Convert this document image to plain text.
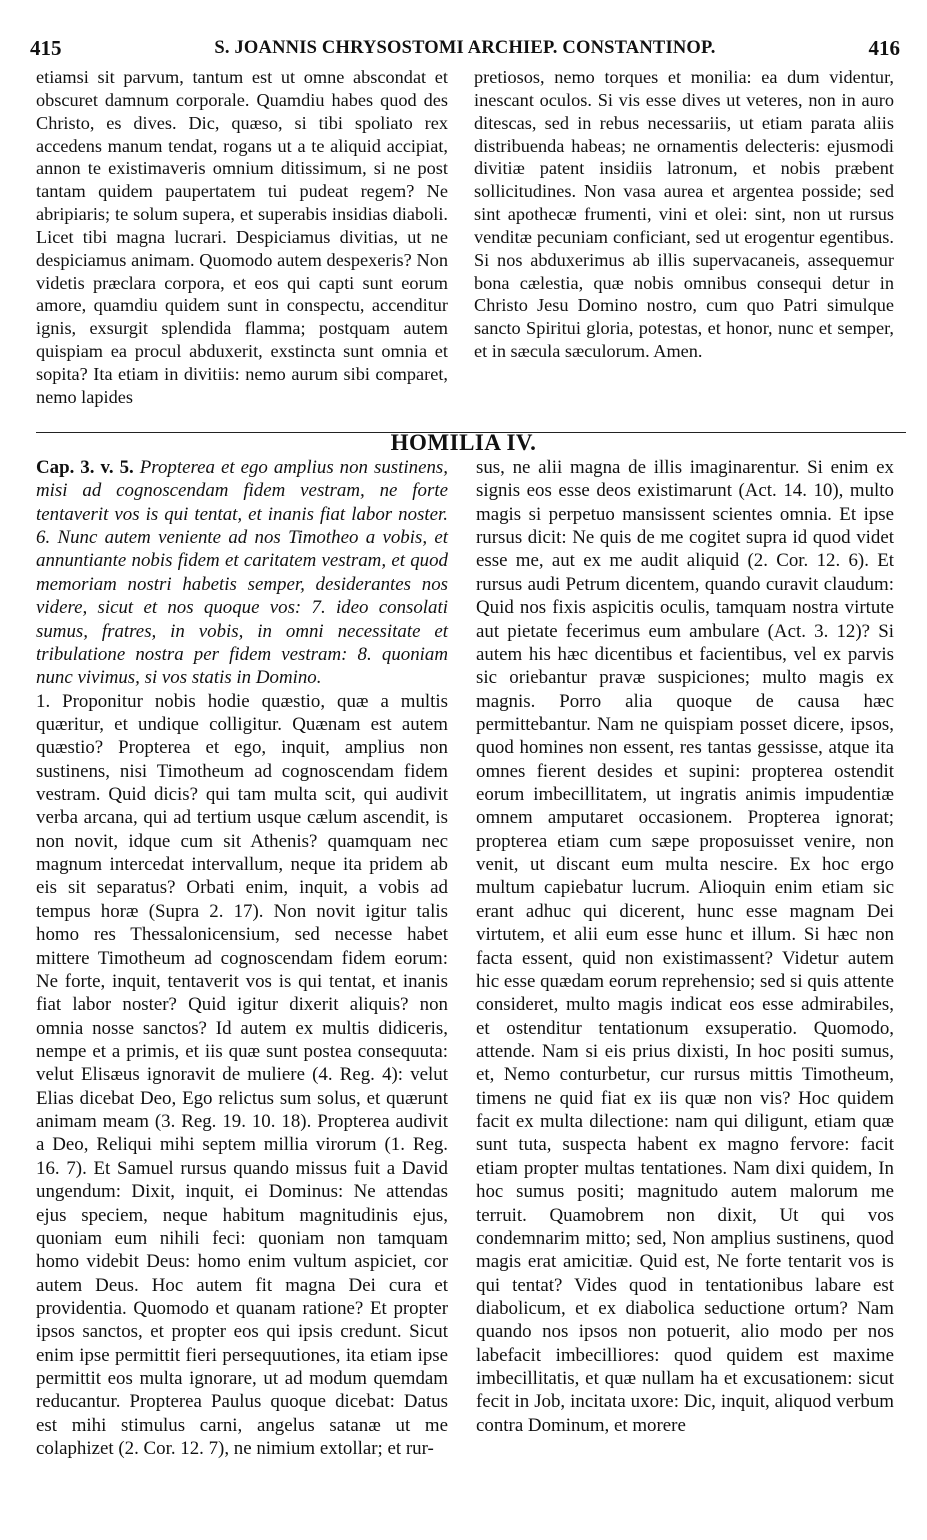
415	S. JOANNIS CHRYSOSTOMI ARCHIEP. CONSTANTINOP.	416

etiamsi sit parvum, tantum est ut omne abscondat et obscuret damnum corporale. Quamdiu habes quod des Christo, es dives. Dic, quæso, si tibi spoliato rex accedens manum tendat, rogans ut a te aliquid accipiat, annon te existimaveris omnium ditissimum, si ne post tantam quidem paupertatem tui pudeat regem? Ne abripiaris; te solum supera, et superabis insidias diaboli. Licet tibi magna lucrari. Despiciamus divitias, ut ne despiciamus animam. Quomodo autem despexeris? Non videtis præclara corpora, et eos qui capti sunt eorum amore, quamdiu quidem sunt in conspectu, accenditur ignis, exsurgit splendida flamma; postquam autem quispiam ea procul abduxerit, exstincta sunt omnia et sopita? Ita etiam in divitiis: nemo aurum sibi comparet, nemo lapides

pretiosos, nemo torques et monilia: ea dum videntur, inescant oculos. Si vis esse dives ut veteres, non in auro ditescas, sed in rebus necessariis, ut etiam parata aliis distribuenda habeas; ne ornamentis delecteris: ejusmodi divitiæ patent insidiis latronum, et nobis præbent sollicitudines. Non vasa aurea et argentea posside; sed sint apothecæ frumenti, vini et olei: sint, non ut rursus venditæ pecuniam conficiant, sed ut erogentur egentibus. Si nos abduxerimus ab illis supervacaneis, assequemur bona cælestia, quæ nobis omnibus consequi detur in Christo Jesu Domino nostro, cum quo Patri simulque sancto Spiritui gloria, potestas, et honor, nunc et semper, et in sæcula sæculorum. Amen.

HOMILIA IV.

Cap. 3. v. 5. Propterea et ego amplius non sustinens, misi ad cognoscendam fidem vestram, ne forte tentaverit vos is qui tentat, et inanis fiat labor noster. 6. Nunc autem veniente ad nos Timotheo a vobis, et annuntiante nobis fidem et caritatem vestram, et quod memoriam nostri habetis semper, desiderantes nos videre, sicut et nos quoque vos: 7. ideo consolati sumus, fratres, in vobis, in omni necessitate et tribulatione nostra per fidem vestram: 8. quoniam nunc vivimus, si vos statis in Domino.

1. Proponitur nobis hodie quæstio, quæ a multis quæritur, et undique colligitur. Quænam est autem quæstio? Propterea et ego, inquit, amplius non sustinens, nisi Timotheum ad cognoscendam fidem vestram. Quid dicis? qui tam multa scit, qui audivit verba arcana, qui ad tertium usque cælum ascendit, is non novit, idque cum sit Athenis? quamquam nec magnum intercedat intervallum, neque ita pridem ab eis sit separatus? Orbati enim, inquit, a vobis ad tempus horæ (Supra 2. 17). Non novit igitur talis homo res Thessalonicensium, sed necesse habet mittere Timotheum ad cognoscendam fidem eorum: Ne forte, inquit, tentaverit vos is qui tentat, et inanis fiat labor noster? Quid igitur dixerit aliquis? non omnia nosse sanctos? Id autem ex multis didiceris, nempe et a primis, et iis quæ sunt postea consequuta: velut Elisæus ignoravit de muliere (4. Reg. 4): velut Elias dicebat Deo, Ego relictus sum solus, et quærunt animam meam (3. Reg. 19. 10. 18). Propterea audivit a Deo, Reliqui mihi septem millia virorum (1. Reg. 16. 7). Et Samuel rursus quando missus fuit a David ungendum: Dixit, inquit, ei Dominus: Ne attendas ejus speciem, neque habitum magnitudinis ejus, quoniam eum nihili feci: quoniam non tamquam homo videbit Deus: homo enim vultum aspiciet, cor autem Deus. Hoc autem fit magna Dei cura et providentia. Quomodo et quanam ratione? Et propter ipsos sanctos, et propter eos qui ipsis credunt. Sicut enim ipse permittit fieri persequutiones, ita etiam ipse permittit eos multa ignorare, ut ad modum quemdam reducantur. Propterea Paulus quoque dicebat: Datus est mihi stimulus carni, angelus satanæ ut me colaphizet (2. Cor. 12. 7), ne nimium extollar; et rur-

sus, ne alii magna de illis imaginarentur. Si enim ex signis eos esse deos existimarunt (Act. 14. 10), multo magis si perpetuo mansissent scientes omnia. Et ipse rursus dicit: Ne quis de me cogitet supra id quod videt esse me, aut ex me audit aliquid (2. Cor. 12. 6). Et rursus audi Petrum dicentem, quando curavit claudum: Quid nos fixis aspicitis oculis, tamquam nostra virtute aut pietate fecerimus eum ambulare (Act. 3. 12)? Si autem his hæc dicentibus et facientibus, vel ex parvis sic oriebantur pravæ suspiciones; multo magis ex magnis. Porro alia quoque de causa hæc permittebantur. Nam ne quispiam posset dicere, ipsos, quod homines non essent, res tantas gessisse, atque ita omnes fierent desides et supini: propterea ostendit eorum imbecillitatem, ut ingratis animis impudentiæ omnem amputaret occasionem. Propterea ignorat; propterea etiam cum sæpe proposuisset venire, non venit, ut discant eum multa nescire. Ex hoc ergo multum capiebatur lucrum. Alioquin enim etiam sic erant adhuc qui dicerent, hunc esse magnam Dei virtutem, et alii eum esse hunc et illum. Si hæc non facta essent, quid non existimassent? Videtur autem hic esse quædam eorum reprehensio; sed si quis attente consideret, multo magis indicat eos esse admirabiles, et ostenditur tentationum exsuperatio. Quomodo, attende. Nam si eis prius dixisti, In hoc positi sumus, et, Nemo conturbetur, cur rursus mittis Timotheum, timens ne quid fiat ex iis quæ non vis? Hoc quidem facit ex multa dilectione: nam qui diligunt, etiam quæ sunt tuta, suspecta habent ex magno fervore: facit etiam propter multas tentationes. Nam dixi quidem, In hoc sumus positi; magnitudo autem malorum me terruit. Quamobrem non dixit, Ut qui vos condemnarim mitto; sed, Non amplius sustinens, quod magis erat amicitiæ. Quid est, Ne forte tentarit vos is qui tentat? Vides quod in tentationibus labare est diabolicum, et ex diabolica seductione ortum? Nam quando nos ipsos non potuerit, alio modo per nos labefacit imbecilliores: quod quidem est maxime imbecillitatis, et quæ nullam ha et excusationem: sicut fecit in Job, incitata uxore: Dic, inquit, aliquod verbum contra Dominum, et morere
